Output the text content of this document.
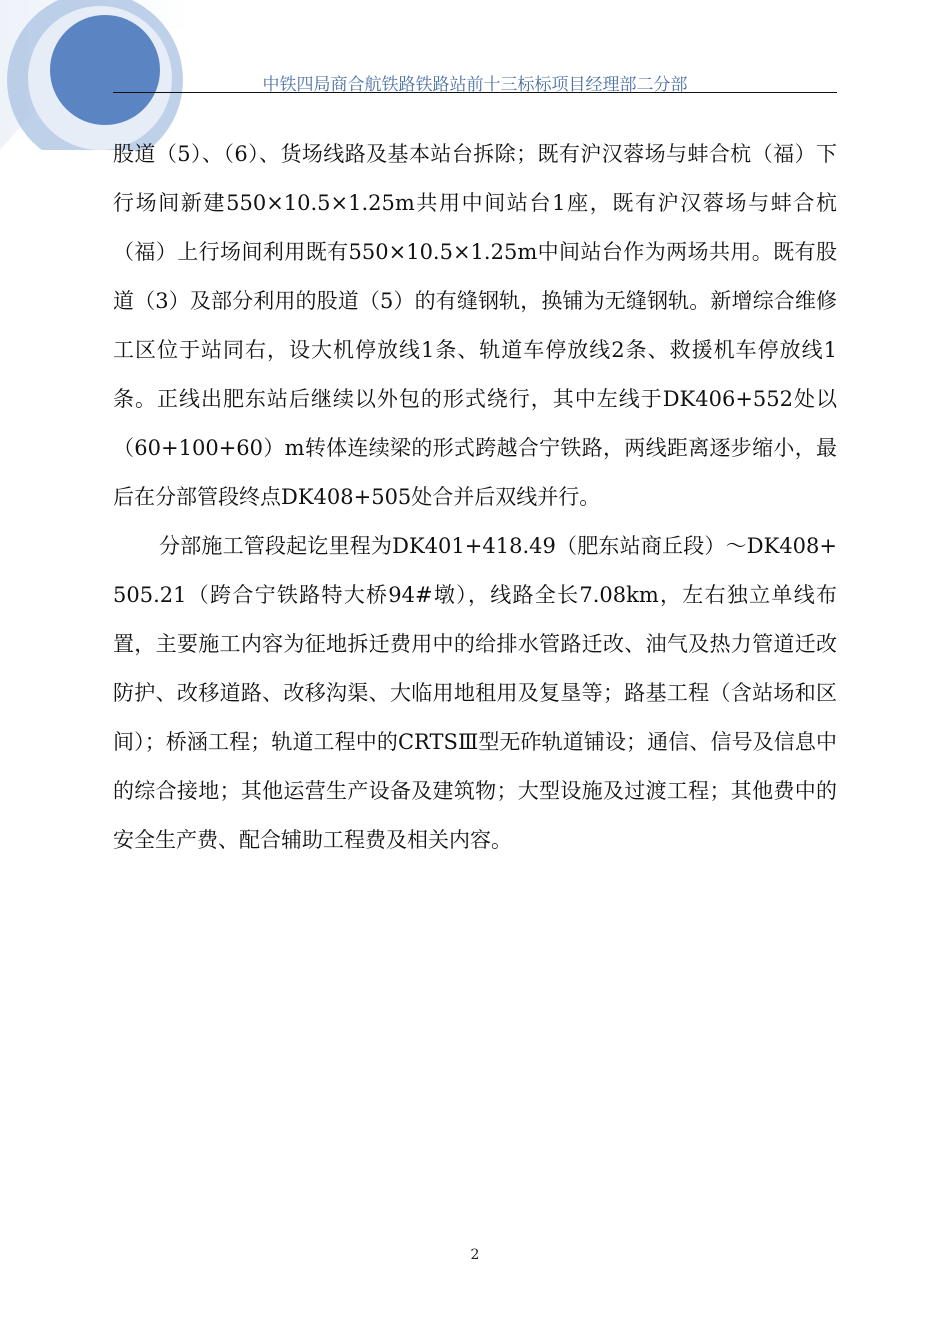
中铁四局商合航铁路铁路站前十三标标项目经理部二分部

股道（5）、（6）、货场线路及基本站台拆除；既有沪汉蓉场与蚌合杭（福）下行场间新建550×10.5×1.25m共用中间站台1座，既有沪汉蓉场与蚌合杭（福）上行场间利用既有550×10.5×1.25m中间站台作为两场共用。既有股道（3）及部分利用的股道（5）的有缝钢轨，换铺为无缝钢轨。新增综合维修工区位于站同右，设大机停放线1条、轨道车停放线2条、救援机车停放线1条。正线出肥东站后继续以外包的形式绕行，其中左线于DK406+552处以（60+100+60）m转体连续梁的形式跨越合宁铁路，两线距离逐步缩小，最后在分部管段终点DK408+505处合并后双线并行。

分部施工管段起讫里程为DK401+418.49（肥东站商丘段）～DK408+505.21（跨合宁铁路特大桥94#墩），线路全长7.08km，左右独立单线布置，主要施工内容为征地拆迁费用中的给排水管路迁改、油气及热力管道迁改防护、改移道路、改移沟渠、大临用地租用及复垦等；路基工程（含站场和区间）；桥涵工程；轨道工程中的CRTSⅢ型无砟轨道铺设；通信、信号及信息中的综合接地；其他运营生产设备及建筑物；大型设施及过渡工程；其他费中的安全生产费、配合辅助工程费及相关内容。

2
